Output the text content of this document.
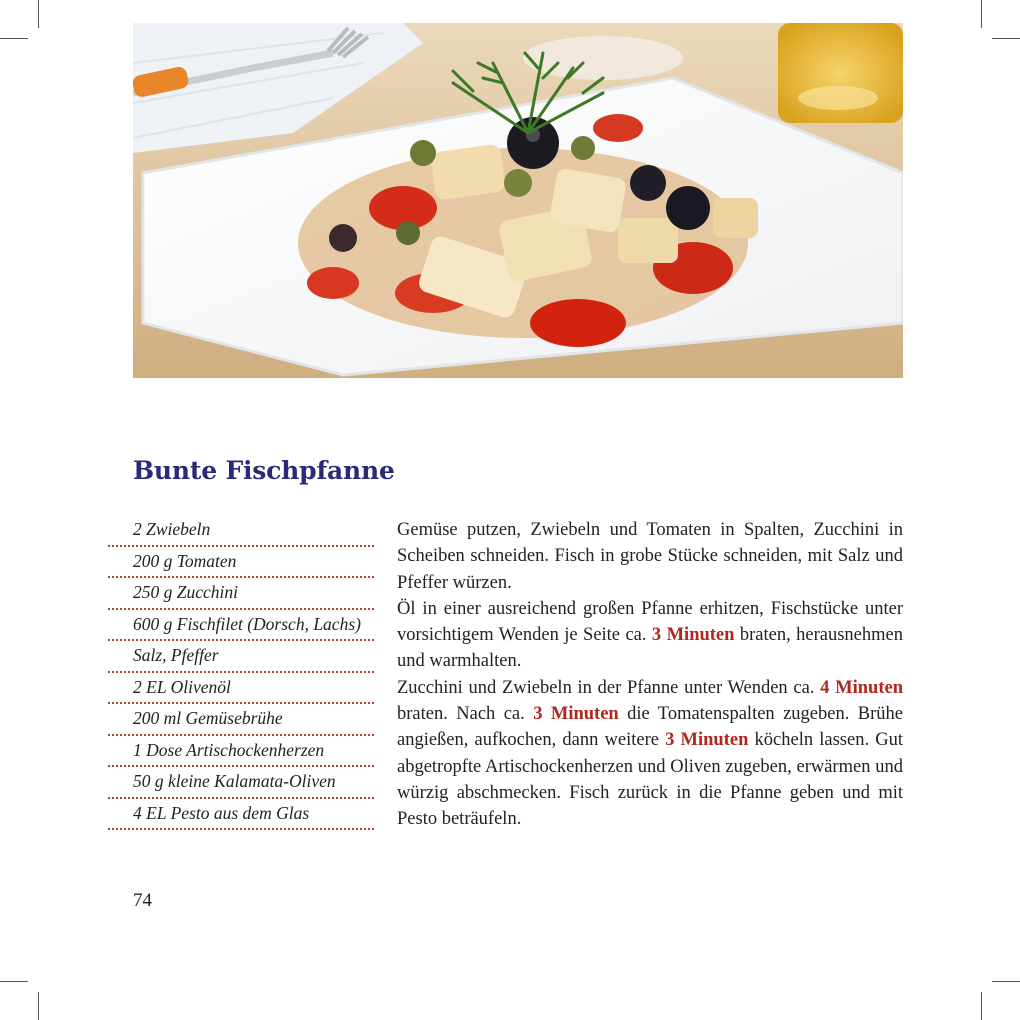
Bunte Fischpfanne
2 Zwiebeln
200 g Tomaten
250 g Zucchini
600 g Fischfilet (Dorsch, Lachs)
Salz, Pfeffer
2 EL Olivenöl
200 ml Gemüsebrühe
1 Dose Artischockenherzen
50 g kleine Kalamata-Oliven
4 EL Pesto aus dem Glas

Gemüse putzen, Zwiebeln und Tomaten in Spalten, Zucchini in Scheiben schneiden. Fisch in grobe Stücke schneiden, mit Salz und Pfeffer würzen.

Öl in einer ausreichend großen Pfanne erhitzen, Fischstücke unter vorsichtigem Wenden je Seite ca. 3 Minuten braten, herausnehmen und warmhalten.

Zucchini und Zwiebeln in der Pfanne unter Wenden ca. 4 Minuten braten. Nach ca. 3 Minuten die Tomatenspalten zugeben. Brühe angießen, aufkochen, dann weitere 3 Minuten köcheln lassen. Gut abgetropfte Artischockenherzen und Oliven zugeben, erwärmen und würzig abschmecken. Fisch zurück in die Pfanne geben und mit Pesto beträufeln.

74
